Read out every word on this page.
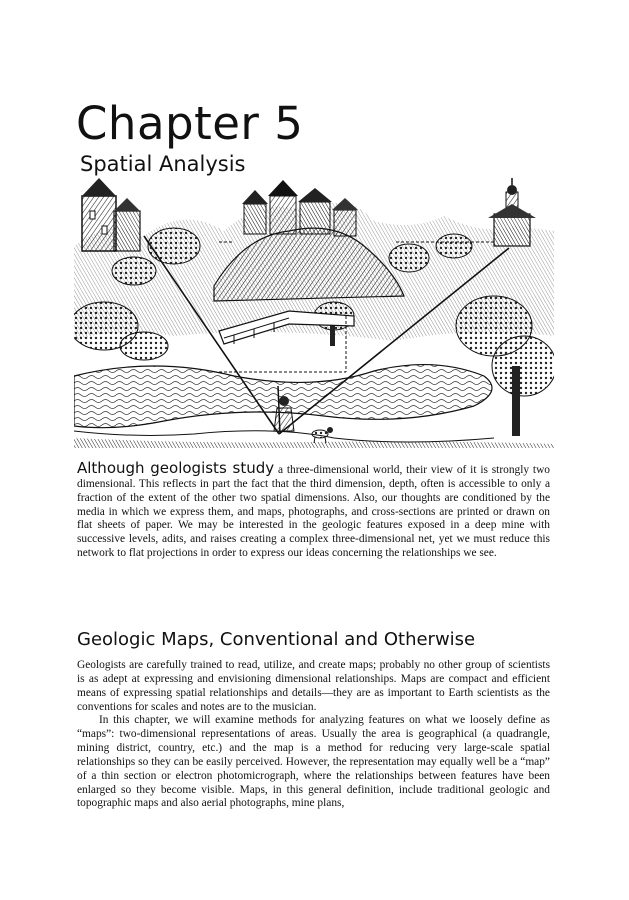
Chapter 5
Spatial Analysis

Although geologists study a three-dimensional world, their view of it is strongly two dimensional. This reflects in part the fact that the third dimension, depth, often is accessible to only a fraction of the extent of the other two spatial dimensions. Also, our thoughts are conditioned by the media in which we express them, and maps, photographs, and cross-sections are printed or drawn on flat sheets of paper. We may be interested in the geologic features exposed in a deep mine with successive levels, adits, and raises creating a complex three-dimensional net, yet we must reduce this network to flat projections in order to express our ideas concerning the relationships we see.

Geologic Maps, Conventional and Otherwise

Geologists are carefully trained to read, utilize, and create maps; probably no other group of scientists is as adept at expressing and envisioning dimensional relationships. Maps are compact and efficient means of expressing spatial relationships and details—they are as important to Earth scientists as the conventions for scales and notes are to the musician.

In this chapter, we will examine methods for analyzing features on what we loosely define as “maps”: two-dimensional representations of areas. Usually the area is geographical (a quadrangle, mining district, country, etc.) and the map is a method for reducing very large-scale spatial relationships so they can be easily perceived. However, the representation may equally well be a “map” of a thin section or electron photomicrograph, where the relationships between features have been enlarged so they become visible. Maps, in this general definition, include traditional geologic and topographic maps and also aerial photographs, mine plans,
